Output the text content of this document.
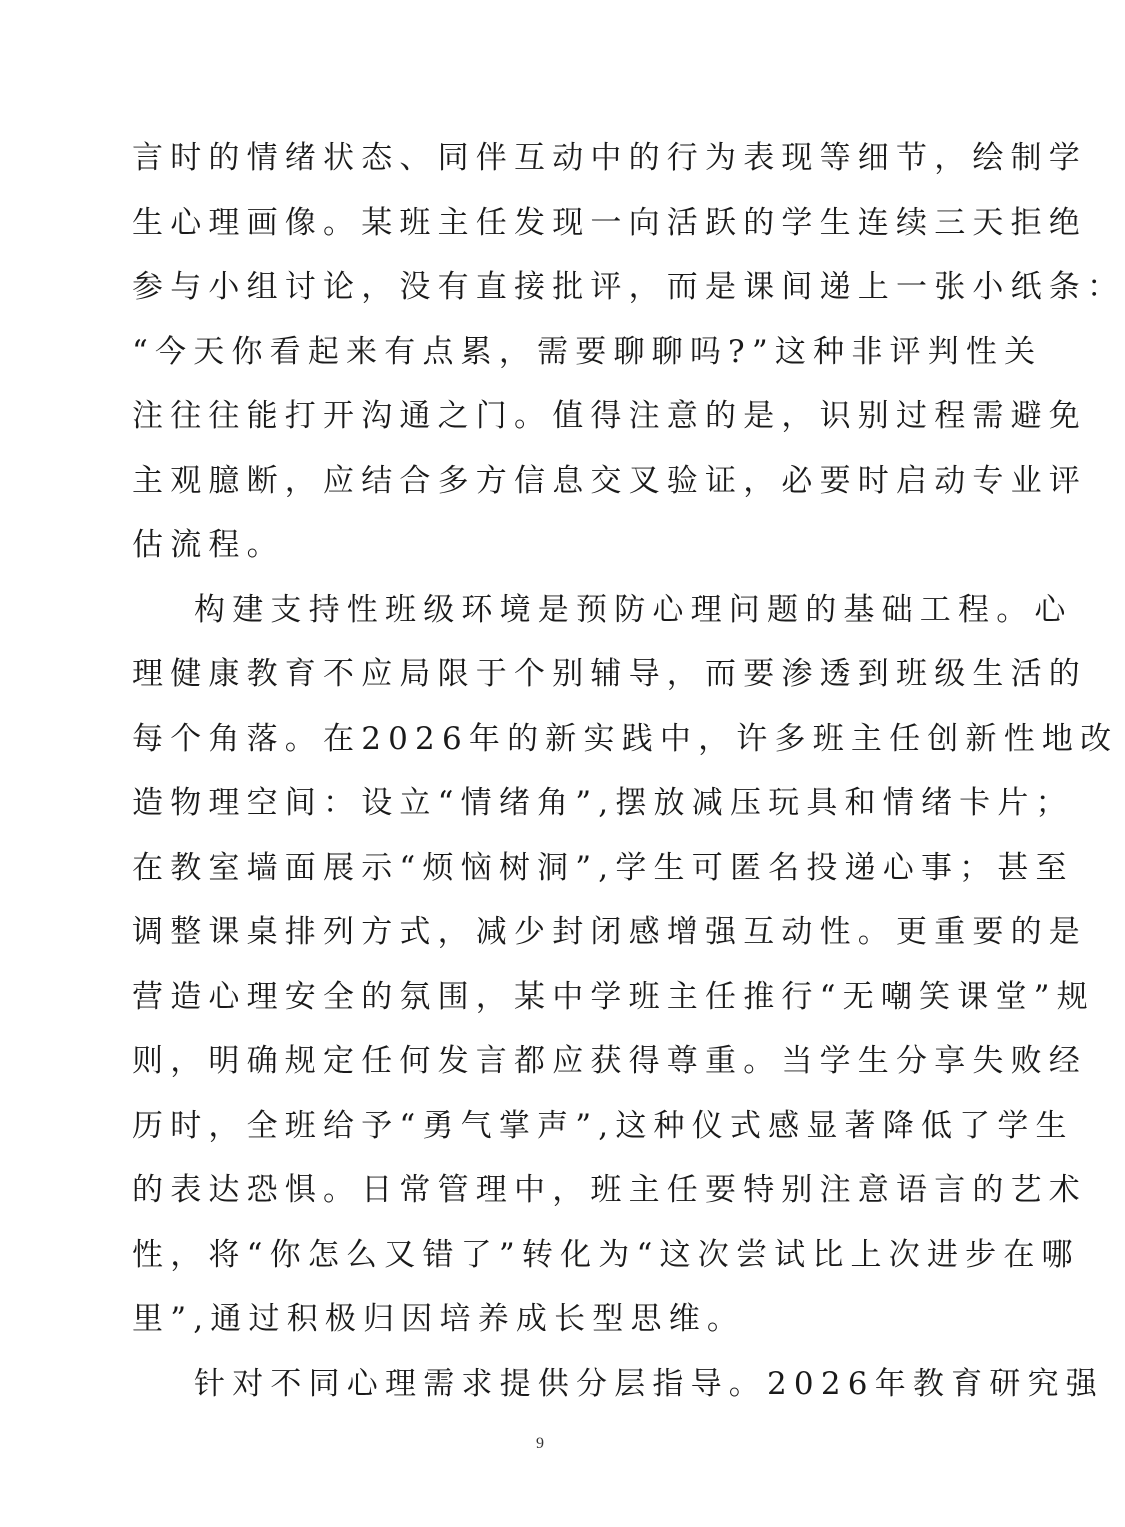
言时的情绪状态、同伴互动中的行为表现等细节，绘制学
生心理画像。某班主任发现一向活跃的学生连续三天拒绝
参与小组讨论，没有直接批评，而是课间递上一张小纸条：
“今天你看起来有点累，需要聊聊吗?”这种非评判性关
注往往能打开沟通之门。值得注意的是，识别过程需避免
主观臆断，应结合多方信息交叉验证，必要时启动专业评
估流程。
构建支持性班级环境是预防心理问题的基础工程。心
理健康教育不应局限于个别辅导，而要渗透到班级生活的
每个角落。在2026年的新实践中，许多班主任创新性地改
造物理空间：设立“情绪角”,摆放减压玩具和情绪卡片；
在教室墙面展示“烦恼树洞”,学生可匿名投递心事；甚至
调整课桌排列方式，减少封闭感增强互动性。更重要的是
营造心理安全的氛围，某中学班主任推行“无嘲笑课堂”规
则，明确规定任何发言都应获得尊重。当学生分享失败经
历时，全班给予“勇气掌声”,这种仪式感显著降低了学生
的表达恐惧。日常管理中，班主任要特别注意语言的艺术
性，将“你怎么又错了”转化为“这次尝试比上次进步在哪
里”,通过积极归因培养成长型思维。
针对不同心理需求提供分层指导。2026年教育研究强
9
